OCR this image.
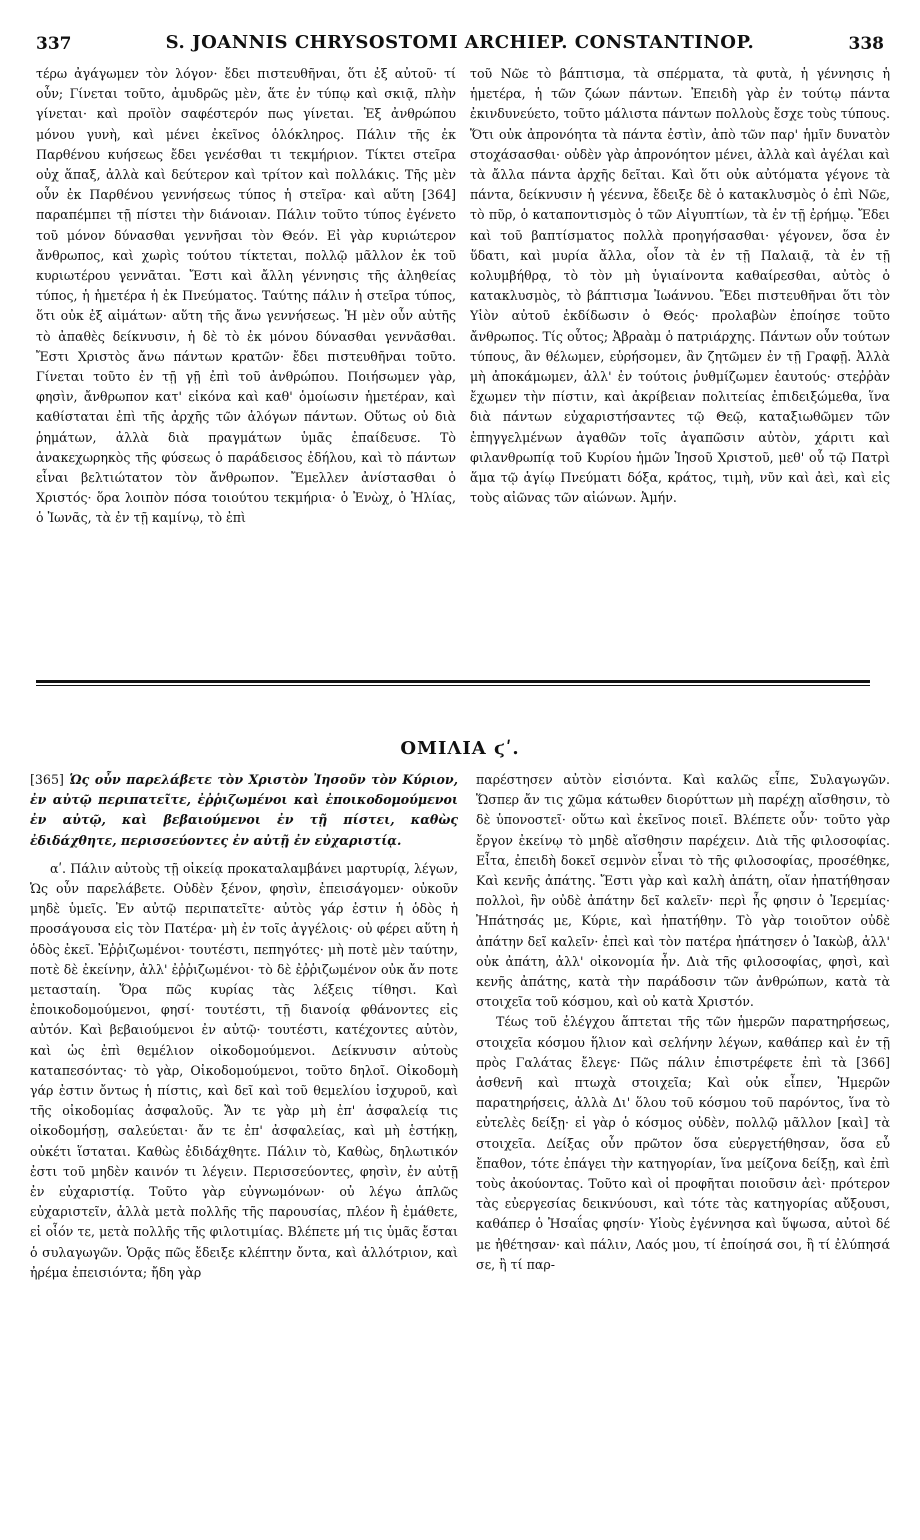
337	S. JOANNIS CHRYSOSTOMI ARCHIEP. CONSTANTINOP.	338

τέρω ἀγάγωμεν τὸν λόγον· ἔδει πιστευθῆναι, ὅτι ἐξ αὐτοῦ· τί οὖν; Γίνεται τοῦτο, ἀμυδρῶς μὲν, ἅτε ἐν τύπῳ καὶ σκιᾷ, πλὴν γίνεται· καὶ προϊὸν σαφέστερόν πως γίνεται. Ἐξ ἀνθρώπου μόνου γυνὴ, καὶ μένει ἐκεῖνος ὁλόκληρος. Πάλιν τῆς ἐκ Παρθένου κυήσεως ἔδει γενέσθαι τι τεκμήριον. Τίκτει στεῖρα οὐχ ἅπαξ, ἀλλὰ καὶ δεύτερον καὶ τρίτον καὶ πολλάκις. Τῆς μὲν οὖν ἐκ Παρθένου γεννήσεως τύπος ἡ στεῖρα· καὶ αὕτη [364] παραπέμπει τῇ πίστει τὴν διάνοιαν. Πάλιν τοῦτο τύπος ἐγένετο τοῦ μόνον δύνασθαι γεννῆσαι τὸν Θεόν. Εἰ γὰρ κυριώτερον ἄνθρωπος, καὶ χωρὶς τούτου τίκτεται, πολλῷ μᾶλλον ἐκ τοῦ κυριωτέρου γεννᾶται. Ἔστι καὶ ἄλλη γέννησις τῆς ἀληθείας τύπος, ἡ ἡμετέρα ἡ ἐκ Πνεύματος. Ταύτης πάλιν ἡ στεῖρα τύπος, ὅτι οὐκ ἐξ αἱμάτων· αὕτη τῆς ἄνω γεννήσεως. Ἡ μὲν οὖν αὐτῆς τὸ ἀπαθὲς δείκνυσιν, ἡ δὲ τὸ ἐκ μόνου δύνασθαι γεννᾶσθαι. Ἔστι Χριστὸς ἄνω πάντων κρατῶν· ἔδει πιστευθῆναι τοῦτο. Γίνεται τοῦτο ἐν τῇ γῇ ἐπὶ τοῦ ἀνθρώπου. Ποιήσωμεν γὰρ, φησὶν, ἄνθρωπον κατ' εἰκόνα καὶ καθ' ὁμοίωσιν ἡμετέραν, καὶ καθίσταται ἐπὶ τῆς ἀρχῆς τῶν ἀλόγων πάντων. Οὕτως οὐ διὰ ῥημάτων, ἀλλὰ διὰ πραγμάτων ὑμᾶς ἐπαίδευσε. Τὸ ἀνακεχωρηκὸς τῆς φύσεως ὁ παράδεισος ἐδήλου, καὶ τὸ πάντων εἶναι βελτιώτατον τὸν ἄνθρωπον. Ἔμελλεν ἀνίστασθαι ὁ Χριστός· ὅρα λοιπὸν πόσα τοιούτου τεκμήρια· ὁ Ἐνὼχ, ὁ Ἠλίας, ὁ Ἰωνᾶς, τὰ ἐν τῇ καμίνῳ, τὸ ἐπὶ

τοῦ Νῶε τὸ βάπτισμα, τὰ σπέρματα, τὰ φυτὰ, ἡ γέννησις ἡ ἡμετέρα, ἡ τῶν ζώων πάντων. Ἐπειδὴ γὰρ ἐν τούτῳ πάντα ἐκινδυνεύετο, τοῦτο μάλιστα πάντων πολλοὺς ἔσχε τοὺς τύπους. Ὅτι οὐκ ἀπρονόητα τὰ πάντα ἐστὶν, ἀπὸ τῶν παρ' ἡμῖν δυνατὸν στοχάσασθαι· οὐδὲν γὰρ ἀπρονόητον μένει, ἀλλὰ καὶ ἀγέλαι καὶ τὰ ἄλλα πάντα ἀρχῆς δεῖται. Καὶ ὅτι οὐκ αὐτόματα γέγονε τὰ πάντα, δείκνυσιν ἡ γέεννα, ἔδειξε δὲ ὁ κατακλυσμὸς ὁ ἐπὶ Νῶε, τὸ πῦρ, ὁ καταποντισμὸς ὁ τῶν Αἰγυπτίων, τὰ ἐν τῇ ἐρήμῳ. Ἔδει καὶ τοῦ βαπτίσματος πολλὰ προηγήσασθαι· γέγονεν, ὅσα ἐν ὕδατι, καὶ μυρία ἄλλα, οἷον τὰ ἐν τῇ Παλαιᾷ, τὰ ἐν τῇ κολυμβήθρᾳ, τὸ τὸν μὴ ὑγιαίνοντα καθαίρεσθαι, αὐτὸς ὁ κατακλυσμὸς, τὸ βάπτισμα Ἰωάννου. Ἔδει πιστευθῆναι ὅτι τὸν Υἱὸν αὐτοῦ ἐκδίδωσιν ὁ Θεός· προλαβὼν ἐποίησε τοῦτο ἄνθρωπος. Τίς οὗτος; Ἀβραὰμ ὁ πατριάρχης. Πάντων οὖν τούτων τύπους, ἂν θέλωμεν, εὑρήσομεν, ἂν ζητῶμεν ἐν τῇ Γραφῇ. Ἀλλὰ μὴ ἀποκάμωμεν, ἀλλ' ἐν τούτοις ῥυθμίζωμεν ἑαυτούς· στεῤῥὰν ἔχωμεν τὴν πίστιν, καὶ ἀκρίβειαν πολιτείας ἐπιδειξώμεθα, ἵνα διὰ πάντων εὐχαριστήσαντες τῷ Θεῷ, καταξιωθῶμεν τῶν ἐπηγγελμένων ἀγαθῶν τοῖς ἀγαπῶσιν αὐτὸν, χάριτι καὶ φιλανθρωπίᾳ τοῦ Κυρίου ἡμῶν Ἰησοῦ Χριστοῦ, μεθ' οὗ τῷ Πατρὶ ἅμα τῷ ἁγίῳ Πνεύματι δόξα, κράτος, τιμὴ, νῦν καὶ ἀεὶ, καὶ εἰς τοὺς αἰῶνας τῶν αἰώνων. Ἀμήν.

ΟΜΙΛΙΑ ϛʹ.

[365] Ὡς οὖν παρελάβετε τὸν Χριστὸν Ἰησοῦν τὸν Κύριον, ἐν αὐτῷ περιπατεῖτε, ἐῤῥιζωμένοι καὶ ἐποικοδομούμενοι ἐν αὐτῷ, καὶ βεβαιούμενοι ἐν τῇ πίστει, καθὼς ἐδιδάχθητε, περισσεύοντες ἐν αὐτῇ ἐν εὐχαριστίᾳ.

αʹ. Πάλιν αὐτοὺς τῇ οἰκείᾳ προκαταλαμβάνει μαρτυρίᾳ, λέγων, Ὡς οὖν παρελάβετε. Οὐδὲν ξένον, φησὶν, ἐπεισάγομεν· οὐκοῦν μηδὲ ὑμεῖς. Ἐν αὐτῷ περιπατεῖτε· αὐτὸς γάρ ἐστιν ἡ ὁδὸς ἡ προσάγουσα εἰς τὸν Πατέρα· μὴ ἐν τοῖς ἀγγέλοις· οὐ φέρει αὕτη ἡ ὁδὸς ἐκεῖ. Ἐῤῥιζωμένοι· τουτέστι, πεπηγότες· μὴ ποτὲ μὲν ταύτην, ποτὲ δὲ ἐκείνην, ἀλλ' ἐῤῥιζωμένοι· τὸ δὲ ἐῤῥιζωμένον οὐκ ἄν ποτε μετασταίη. Ὅρα πῶς κυρίας τὰς λέξεις τίθησι. Καὶ ἐποικοδομούμενοι, φησί· τουτέστι, τῇ διανοίᾳ φθάνοντες εἰς αὐτόν. Καὶ βεβαιούμενοι ἐν αὐτῷ· τουτέστι, κατέχοντες αὐτὸν, καὶ ὡς ἐπὶ θεμέλιον οἰκοδομούμενοι. Δείκνυσιν αὐτοὺς καταπεσόντας· τὸ γὰρ, Οἰκοδομούμενοι, τοῦτο δηλοῖ. Οἰκοδομὴ γάρ ἐστιν ὄντως ἡ πίστις, καὶ δεῖ καὶ τοῦ θεμελίου ἰσχυροῦ, καὶ τῆς οἰκοδομίας ἀσφαλοῦς. Ἄν τε γὰρ μὴ ἐπ' ἀσφαλείᾳ τις οἰκοδομήσῃ, σαλεύεται· ἄν τε ἐπ' ἀσφαλείας, καὶ μὴ ἑστήκῃ, οὐκέτι ἵσταται. Καθὼς ἐδιδάχθητε. Πάλιν τὸ, Καθὼς, δηλωτικόν ἐστι τοῦ μηδὲν καινόν τι λέγειν. Περισσεύοντες, φησὶν, ἐν αὐτῇ ἐν εὐχαριστίᾳ. Τοῦτο γὰρ εὐγνωμόνων· οὐ λέγω ἁπλῶς εὐχαριστεῖν, ἀλλὰ μετὰ πολλῆς τῆς παρουσίας, πλέον ἢ ἐμάθετε, εἰ οἷόν τε, μετὰ πολλῆς τῆς φιλοτιμίας. Βλέπετε μή τις ὑμᾶς ἔσται ὁ συλαγωγῶν. Ὁρᾷς πῶς ἔδειξε κλέπτην ὄντα, καὶ ἀλλότριον, καὶ ἠρέμα ἐπεισιόντα; ἤδη γὰρ

παρέστησεν αὐτὸν εἰσιόντα. Καὶ καλῶς εἶπε, Συλαγωγῶν. Ὥσπερ ἄν τις χῶμα κάτωθεν διορύττων μὴ παρέχῃ αἴσθησιν, τὸ δὲ ὑπονοστεῖ· οὕτω καὶ ἐκεῖνος ποιεῖ. Βλέπετε οὖν· τοῦτο γὰρ ἔργον ἐκείνῳ τὸ μηδὲ αἴσθησιν παρέχειν. Διὰ τῆς φιλοσοφίας. Εἶτα, ἐπειδὴ δοκεῖ σεμνὸν εἶναι τὸ τῆς φιλοσοφίας, προσέθηκε, Καὶ κενῆς ἀπάτης. Ἔστι γὰρ καὶ καλὴ ἀπάτη, οἵαν ἠπατήθησαν πολλοὶ, ἣν οὐδὲ ἀπάτην δεῖ καλεῖν· περὶ ἧς φησιν ὁ Ἱερεμίας· Ἠπάτησάς με, Κύριε, καὶ ἠπατήθην. Τὸ γὰρ τοιοῦτον οὐδὲ ἀπάτην δεῖ καλεῖν· ἐπεὶ καὶ τὸν πατέρα ἠπάτησεν ὁ Ἰακὼβ, ἀλλ' οὐκ ἀπάτη, ἀλλ' οἰκονομία ἦν. Διὰ τῆς φιλοσοφίας, φησὶ, καὶ κενῆς ἀπάτης, κατὰ τὴν παράδοσιν τῶν ἀνθρώπων, κατὰ τὰ στοιχεῖα τοῦ κόσμου, καὶ οὐ κατὰ Χριστόν.

Τέως τοῦ ἐλέγχου ἅπτεται τῆς τῶν ἡμερῶν παρατηρήσεως, στοιχεῖα κόσμου ἥλιον καὶ σελήνην λέγων, καθάπερ καὶ ἐν τῇ πρὸς Γαλάτας ἔλεγε· Πῶς πάλιν ἐπιστρέφετε ἐπὶ τὰ [366] ἀσθενῆ καὶ πτωχὰ στοιχεῖα; Καὶ οὐκ εἶπεν, Ἡμερῶν παρατηρήσεις, ἀλλὰ Δι' ὅλου τοῦ κόσμου τοῦ παρόντος, ἵνα τὸ εὐτελὲς δείξῃ· εἰ γὰρ ὁ κόσμος οὐδὲν, πολλῷ μᾶλλον [καὶ] τὰ στοιχεῖα. Δείξας οὖν πρῶτον ὅσα εὐεργετήθησαν, ὅσα εὖ ἔπαθον, τότε ἐπάγει τὴν κατηγορίαν, ἵνα μείζονα δείξῃ, καὶ ἐπὶ τοὺς ἀκούοντας. Τοῦτο καὶ οἱ προφῆται ποιοῦσιν ἀεὶ· πρότερον τὰς εὐεργεσίας δεικνύουσι, καὶ τότε τὰς κατηγορίας αὔξουσι, καθάπερ ὁ Ἠσαΐας φησίν· Υἱοὺς ἐγέννησα καὶ ὕψωσα, αὐτοὶ δέ με ἠθέτησαν· καὶ πάλιν, Λαός μου, τί ἐποίησά σοι, ἢ τί ἐλύπησά σε, ἢ τί παρ-
